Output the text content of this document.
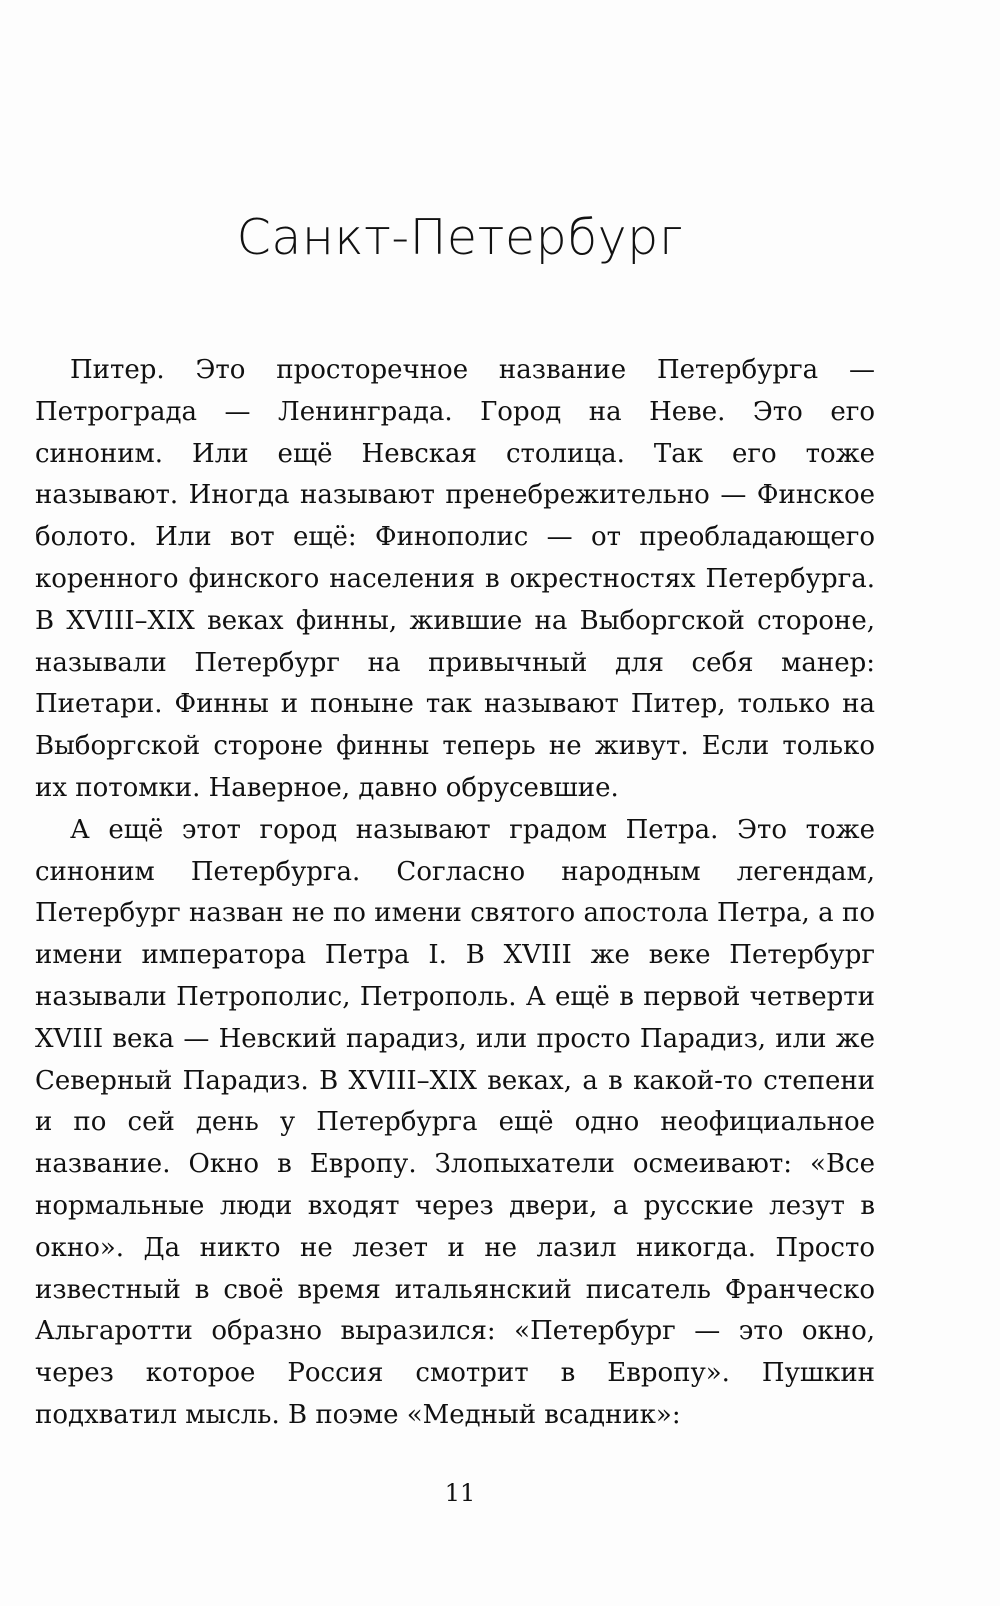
Санкт-Петербург

Питер. Это просторечное название Петербурга — Петрограда — Ленинграда. Город на Неве. Это его синоним. Или ещё Невская столица. Так его тоже называют. Иногда называют пренебрежительно — Финское болото. Или вот ещё: Финополис — от преобладающего коренного финского населения в окрестностях Петербурга. В XVIII–XIX веках финны, жившие на Выборгской стороне, называли Петербург на привычный для себя манер: Пиетари. Финны и поныне так называют Питер, только на Выборгской стороне финны теперь не живут. Если только их потомки. Наверное, давно обрусевшие.

А ещё этот город называют градом Петра. Это тоже синоним Петербурга. Согласно народным легендам, Петербург назван не по имени святого апостола Петра, а по имени императора Петра I. В XVIII же веке Петербург называли Петрополис, Петрополь. А ещё в первой четверти XVIII века — Невский парадиз, или просто Парадиз, или же Северный Парадиз. В XVIII–XIX веках, а в какой-то степени и по сей день у Петербурга ещё одно неофициальное название. Окно в Европу. Злопыхатели осмеивают: «Все нормальные люди входят через двери, а русские лезут в окно». Да никто не лезет и не лазил никогда. Просто известный в своё время итальянский писатель Франческо Альгаротти образно выразился: «Петербург — это окно, через которое Россия смотрит в Европу». Пушкин подхватил мысль. В поэме «Медный всадник»:

11
